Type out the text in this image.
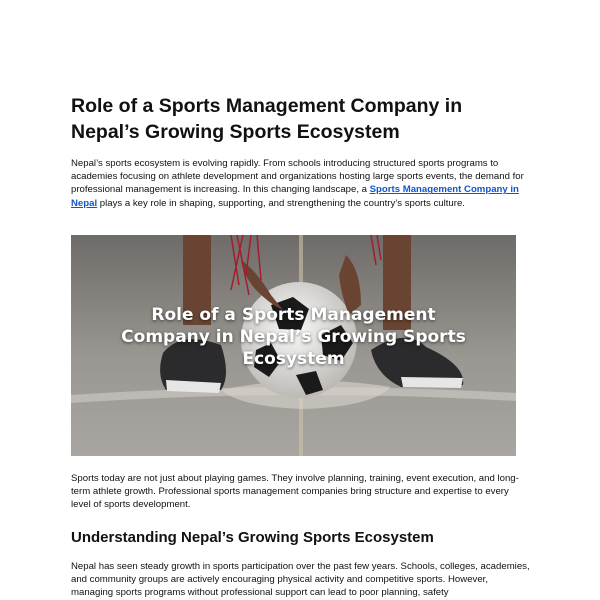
Role of a Sports Management Company in Nepal’s Growing Sports Ecosystem

Nepal’s sports ecosystem is evolving rapidly. From schools introducing structured sports programs to academies focusing on athlete development and organizations hosting large sports events, the demand for professional management is increasing. In this changing landscape, a Sports Management Company in Nepal plays a key role in shaping, supporting, and strengthening the country’s sports culture.

Role of a Sports Management Company in Nepal’s Growing Sports Ecosystem

Sports today are not just about playing games. They involve planning, training, event execution, and long-term athlete growth. Professional sports management companies bring structure and expertise to every level of sports development.

Understanding Nepal’s Growing Sports Ecosystem

Nepal has seen steady growth in sports participation over the past few years. Schools, colleges, academies, and community groups are actively encouraging physical activity and competitive sports. However, managing sports programs without professional support can lead to poor planning, safety
